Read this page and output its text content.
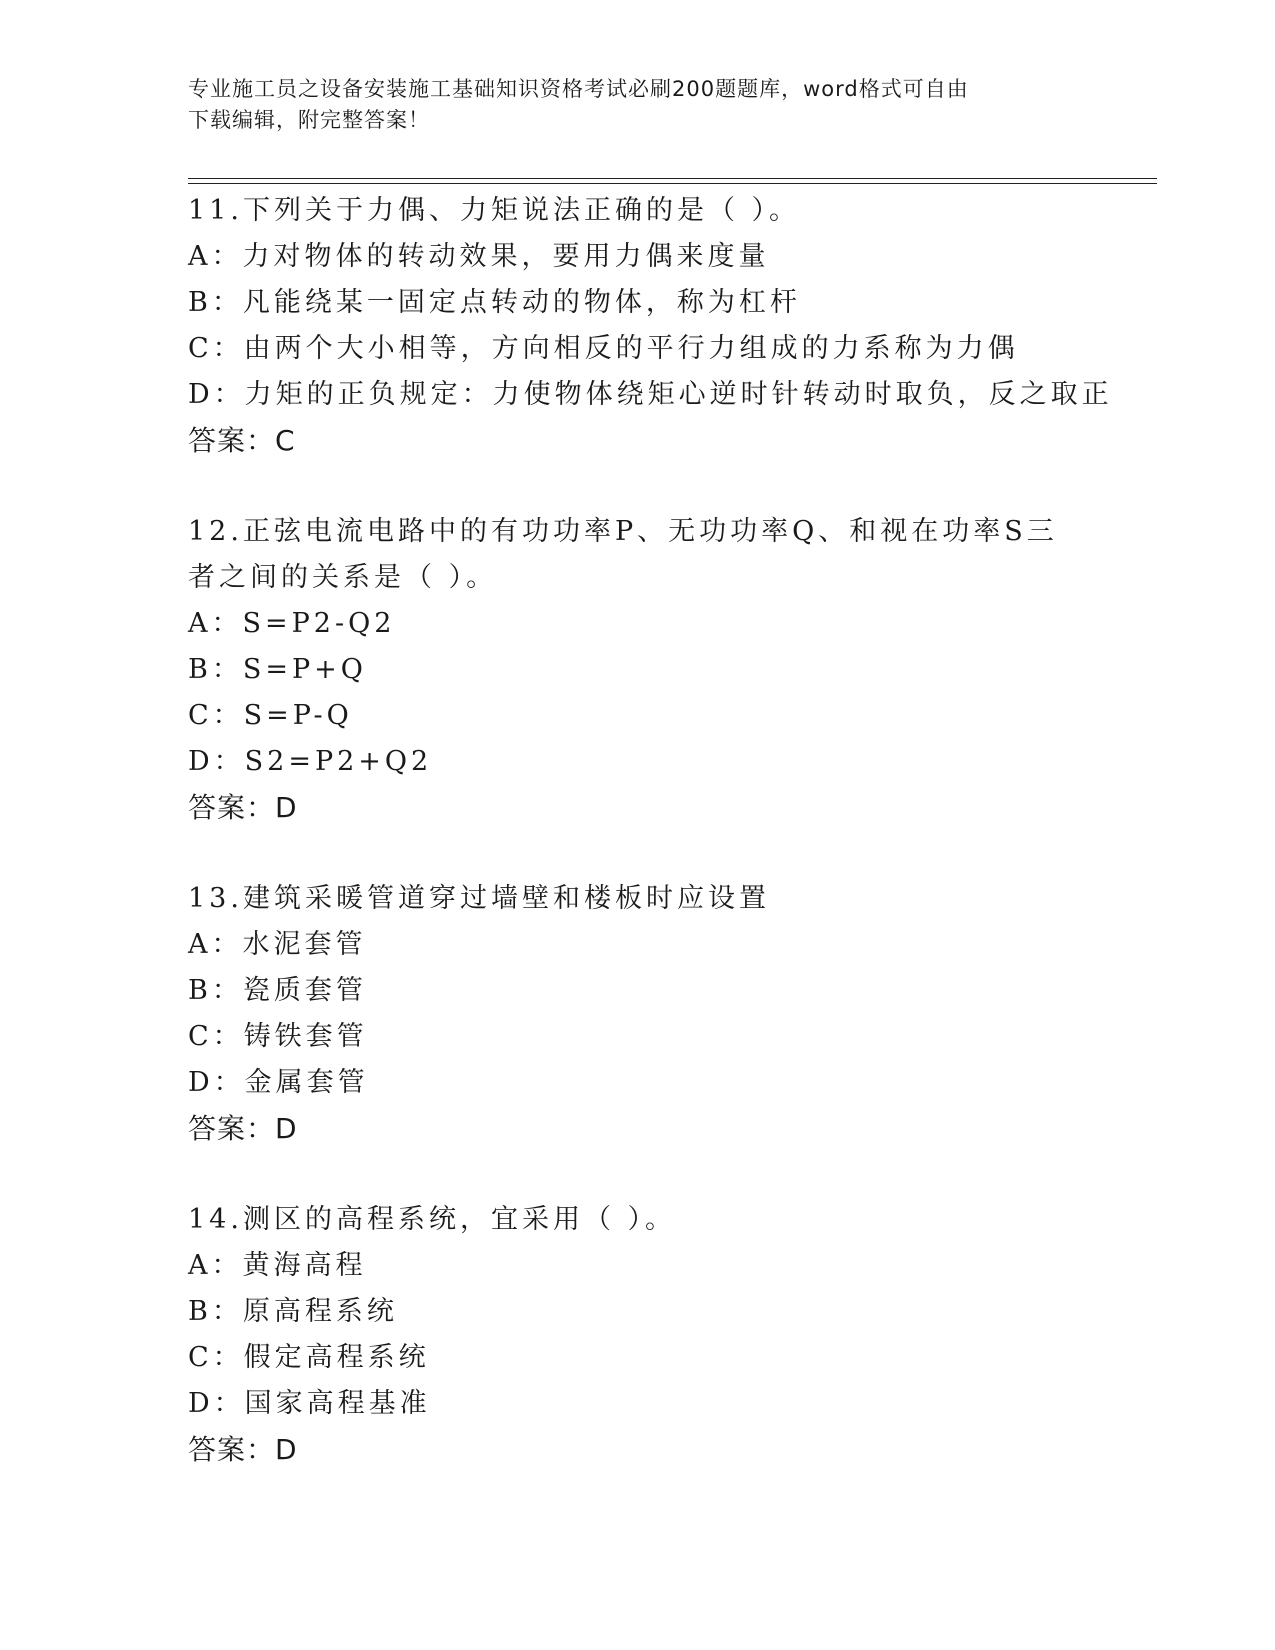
专业施工员之设备安装施工基础知识资格考试必刷200题题库，word格式可自由
下载编辑，附完整答案！
11.下列关于力偶、力矩说法正确的是（ ）。
A：力对物体的转动效果，要用力偶来度量
B：凡能绕某一固定点转动的物体，称为杠杆
C：由两个大小相等，方向相反的平行力组成的力系称为力偶
D：力矩的正负规定：力使物体绕矩心逆时针转动时取负，反之取正
答案：C
12.正弦电流电路中的有功功率P、无功功率Q、和视在功率S三者之间的关系是（ ）。
A：S=P2-Q2
B：S=P+Q
C：S=P-Q
D：S2=P2+Q2
答案：D
13.建筑采暖管道穿过墙壁和楼板时应设置
A：水泥套管
B：瓷质套管
C：铸铁套管
D：金属套管
答案：D
14.测区的高程系统，宜采用（ ）。
A：黄海高程
B：原高程系统
C：假定高程系统
D：国家高程基准
答案：D
